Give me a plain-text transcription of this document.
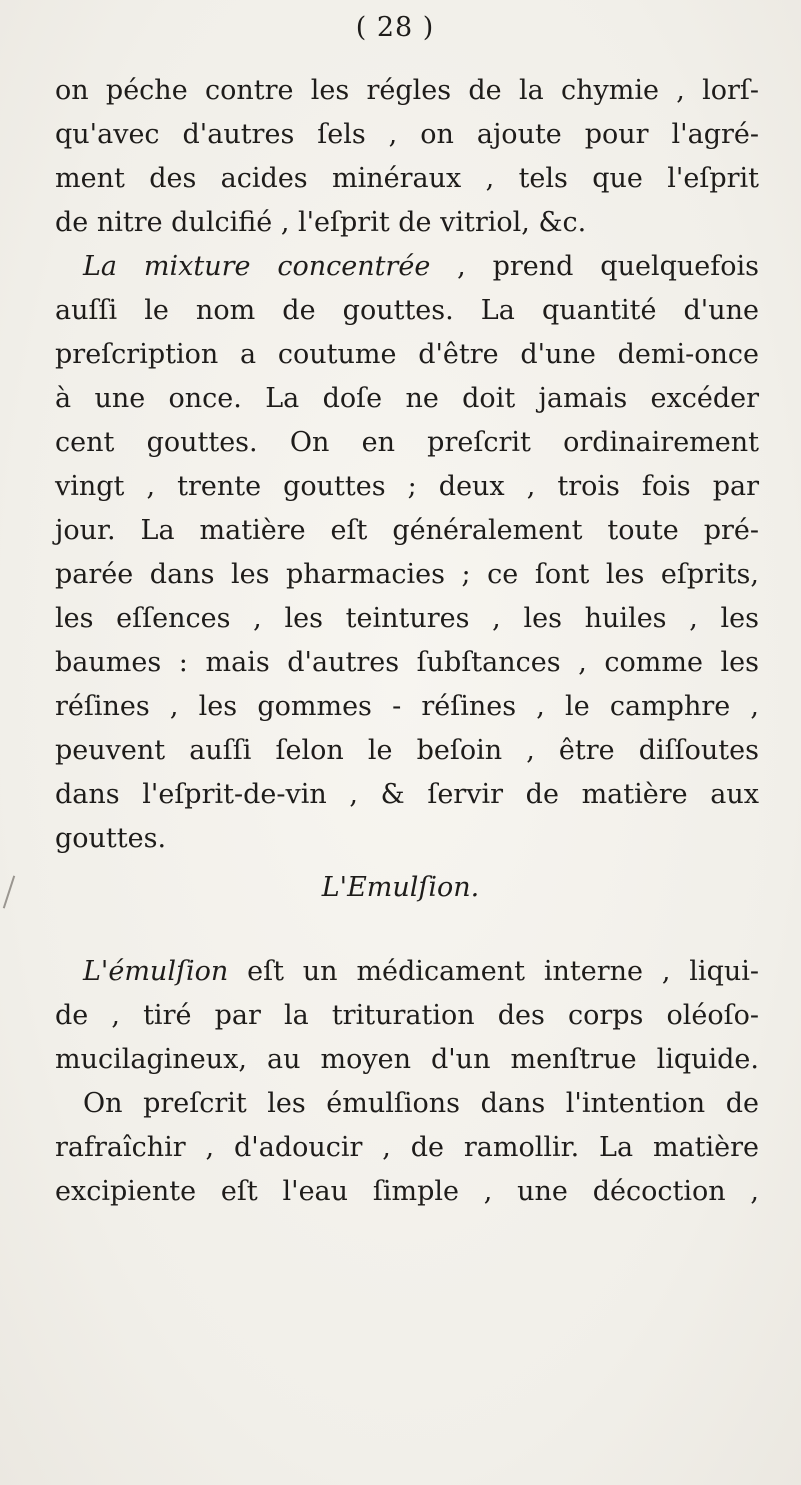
( 28 )
on péche contre les régles de la chymie , lorſ-
qu'avec d'autres ſels , on ajoute pour l'agré-
ment des acides minéraux , tels que l'eſprit
de nitre dulcifié , l'eſprit de vitriol, &c.
La mixture concentrée , prend quelquefois
auſſi le nom de gouttes. La quantité d'une
preſcription a coutume d'être d'une demi-once
à une once. La doſe ne doit jamais excéder
cent gouttes. On en preſcrit ordinairement
vingt , trente gouttes ; deux , trois fois par
jour. La matière eſt généralement toute pré-
parée dans les pharmacies ; ce ſont les eſprits,
les eſſences , les teintures , les huiles , les
baumes : mais d'autres ſubſtances , comme les
réſines , les gommes - réſines , le camphre ,
peuvent auſſi ſelon le beſoin , être diſſoutes
dans l'eſprit-de-vin , & ſervir de matière aux
gouttes.
L'Emulſion.
L'émulſion eſt un médicament interne , liqui-
de , tiré par la trituration des corps oléoſo-
mucilagineux, au moyen d'un menſtrue liquide.
On preſcrit les émulſions dans l'intention de
rafraîchir , d'adoucir , de ramollir. La matière
excipiente eſt l'eau ſimple , une décoction ,
